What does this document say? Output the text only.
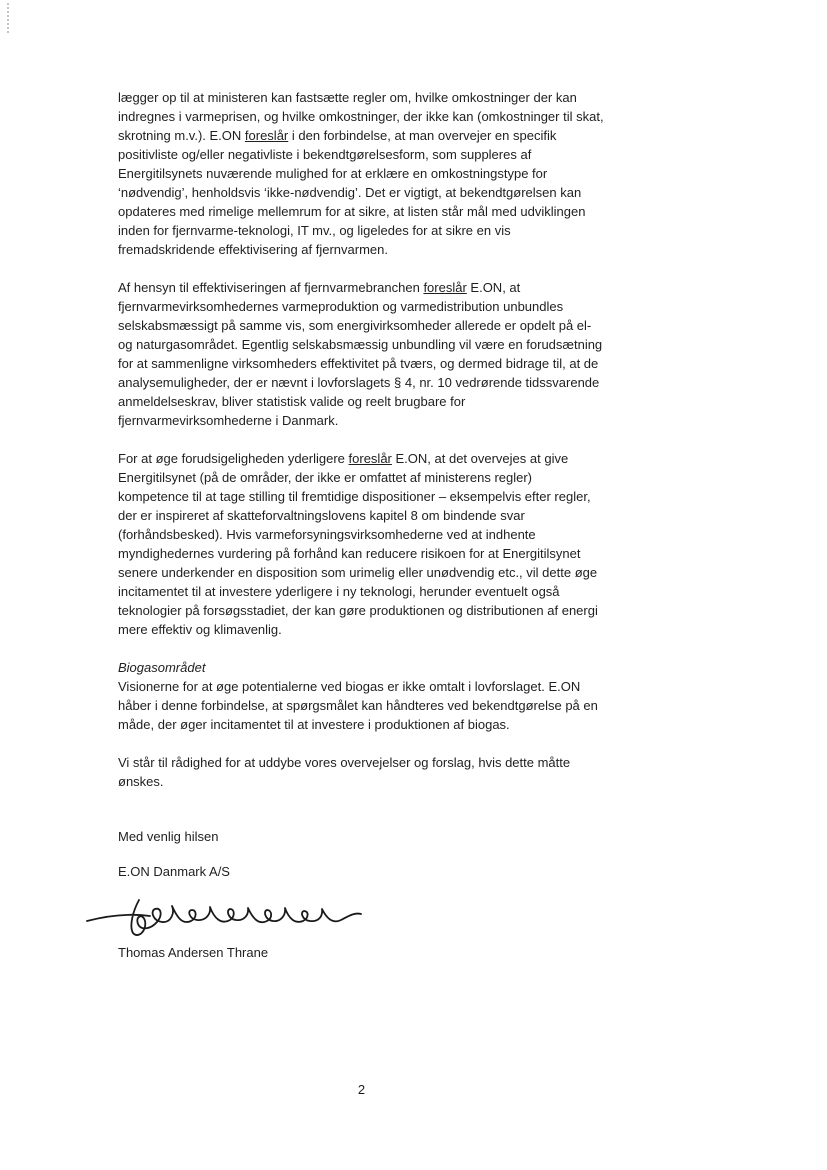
lægger op til at ministeren kan fastsætte regler om, hvilke omkostninger der kan indregnes i varmeprisen, og hvilke omkostninger, der ikke kan (omkostninger til skat, skrotning m.v.). E.ON foreslår i den forbindelse, at man overvejer en specifik positivliste og/eller negativliste i bekendtgørelsesform, som suppleres af Energitilsynets nuværende mulighed for at erklære en omkostningstype for ‘nødvendig’, henholdsvis ‘ikke-nødvendig’. Det er vigtigt, at bekendtgørelsen kan opdateres med rimelige mellemrum for at sikre, at listen står mål med udviklingen inden for fjernvarme-teknologi, IT mv., og ligeledes for at sikre en vis fremadskridende effektivisering af fjernvarmen.

Af hensyn til effektiviseringen af fjernvarmebranchen foreslår E.ON, at fjernvarmevirksomhedernes varmeproduktion og varmedistribution unbundles selskabsmæssigt på samme vis, som energivirksomheder allerede er opdelt på el- og naturgasområdet. Egentlig selskabsmæssig unbundling vil være en forudsætning for at sammenligne virksomheders effektivitet på tværs, og dermed bidrage til, at de analysemuligheder, der er nævnt i lovforslagets § 4, nr. 10 vedrørende tidssvarende anmeldelseskrav, bliver statistisk valide og reelt brugbare for fjernvarmevirksomhederne i Danmark.

For at øge forudsigeligheden yderligere foreslår E.ON, at det overvejes at give Energitilsynet (på de områder, der ikke er omfattet af ministerens regler) kompetence til at tage stilling til fremtidige dispositioner – eksempelvis efter regler, der er inspireret af skatteforvaltningslovens kapitel 8 om bindende svar (forhåndsbesked). Hvis varmeforsyningsvirksomhederne ved at indhente myndighedernes vurdering på forhånd kan reducere risikoen for at Energitilsynet senere underkender en disposition som urimelig eller unødvendig etc., vil dette øge incitamentet til at investere yderligere i ny teknologi, herunder eventuelt også teknologier på forsøgsstadiet, der kan gøre produktionen og distributionen af energi mere effektiv og klimavenlig.

Biogasområdet

Visionerne for at øge potentialerne ved biogas er ikke omtalt i lovforslaget. E.ON håber i denne forbindelse, at spørgsmålet kan håndteres ved bekendtgørelse på en måde, der øger incitamentet til at investere i produktionen af biogas.

Vi står til rådighed for at uddybe vores overvejelser og forslag, hvis dette måtte ønskes.

Med venlig hilsen

E.ON Danmark A/S

Thomas Andersen Thrane

2
